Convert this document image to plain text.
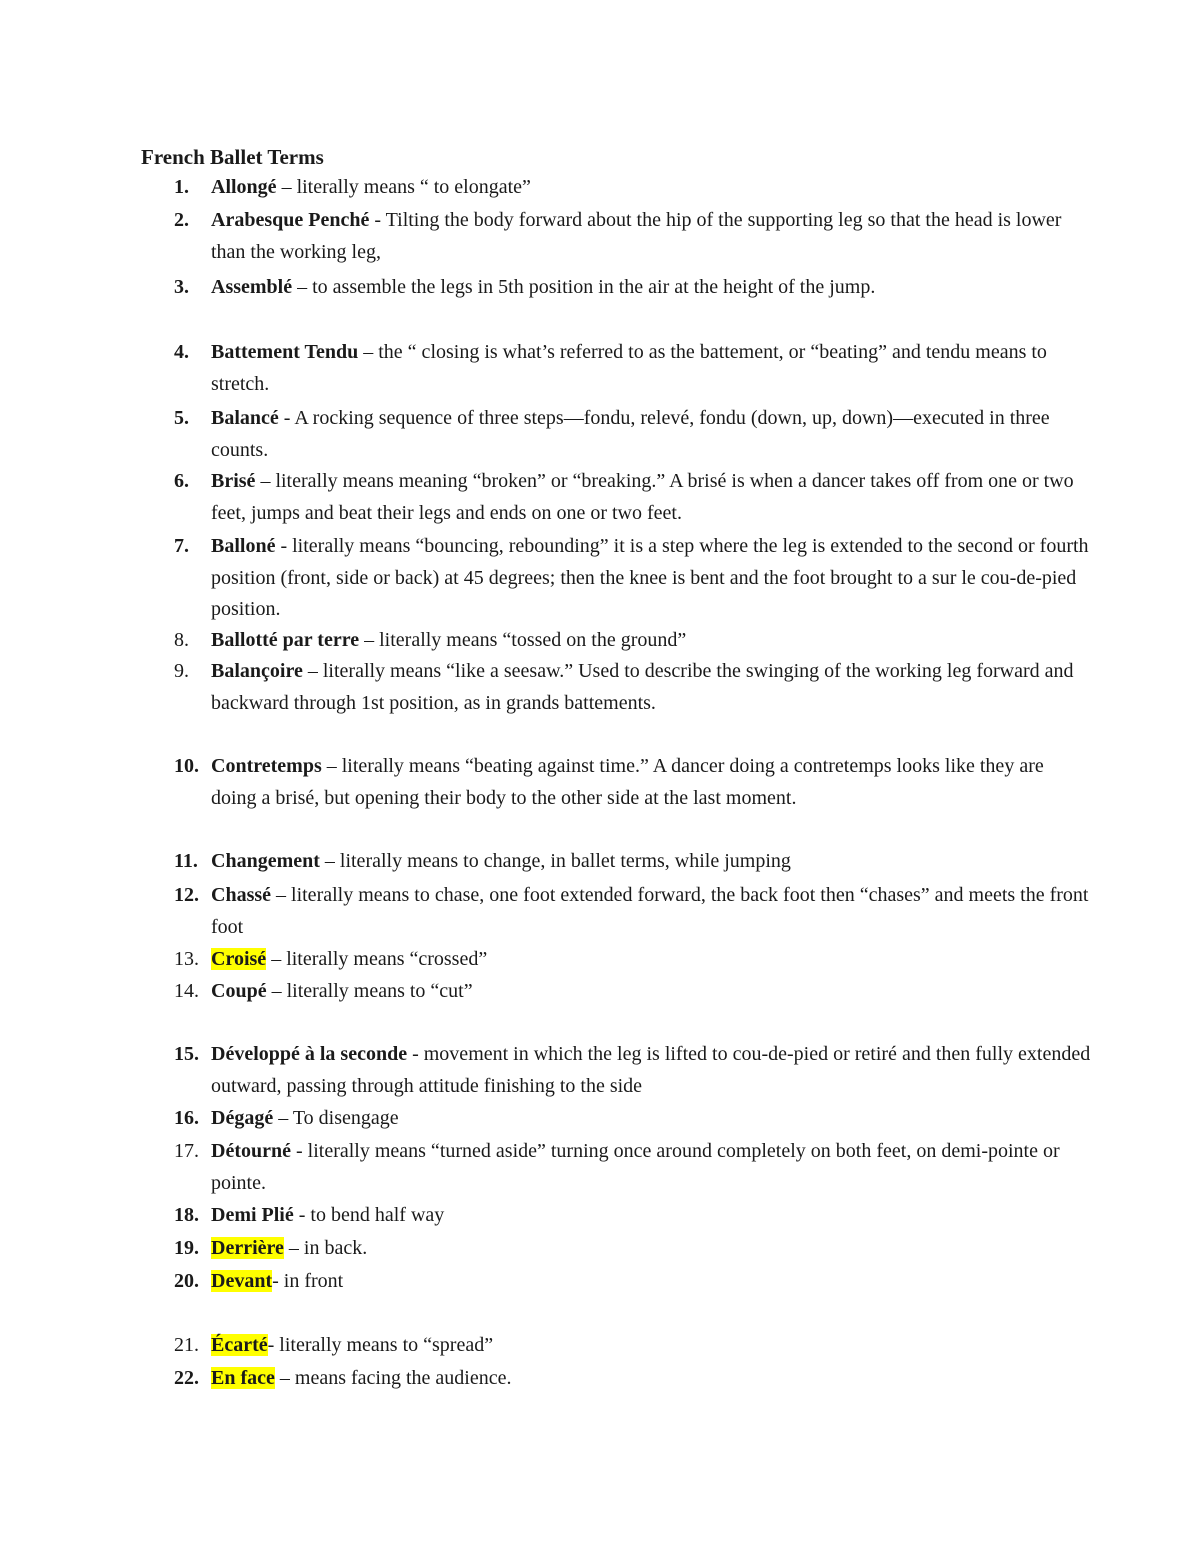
French Ballet Terms
1. Allongé – literally means “ to elongate”
2. Arabesque Penché - Tilting the body forward about the hip of the supporting leg so that the head is lower than the working leg,
3. Assemblé – to assemble the legs in 5th position in the air at the height of the jump.
4. Battement Tendu – the “ closing is what’s referred to as the battement, or “beating” and tendu means to stretch.
5. Balancé - A rocking sequence of three steps—fondu, relevé, fondu (down, up, down)—executed in three counts.
6. Brisé – literally means meaning “broken” or “breaking.” A brisé is when a dancer takes off from one or two feet, jumps and beat their legs and ends on one or two feet.
7. Balloné - literally means “bouncing, rebounding” it is a step where the leg is extended to the second or fourth position (front, side or back) at 45 degrees; then the knee is bent and the foot brought to a sur le cou-de-pied position.
8. Ballotté par terre – literally means “tossed on the ground”
9. Balançoire – literally means “like a seesaw.” Used to describe the swinging of the working leg forward and backward through 1st position, as in grands battements.
10. Contretemps – literally means “beating against time.” A dancer doing a contretemps looks like they are doing a brisé, but opening their body to the other side at the last moment.
11. Changement – literally means to change, in ballet terms, while jumping
12. Chassé – literally means to chase, one foot extended forward, the back foot then “chases” and meets the front foot
13. Croisé – literally means “crossed”
14. Coupé – literally means to “cut”
15. Développé à la seconde - movement in which the leg is lifted to cou-de-pied or retiré and then fully extended outward, passing through attitude finishing to the side
16. Dégagé – To disengage
17. Détourné - literally means “turned aside” turning once around completely on both feet, on demi-pointe or pointe.
18. Demi Plié - to bend half way
19. Derrière – in back.
20. Devant- in front
21. Écarté- literally means to “spread”
22. En face – means facing the audience.
